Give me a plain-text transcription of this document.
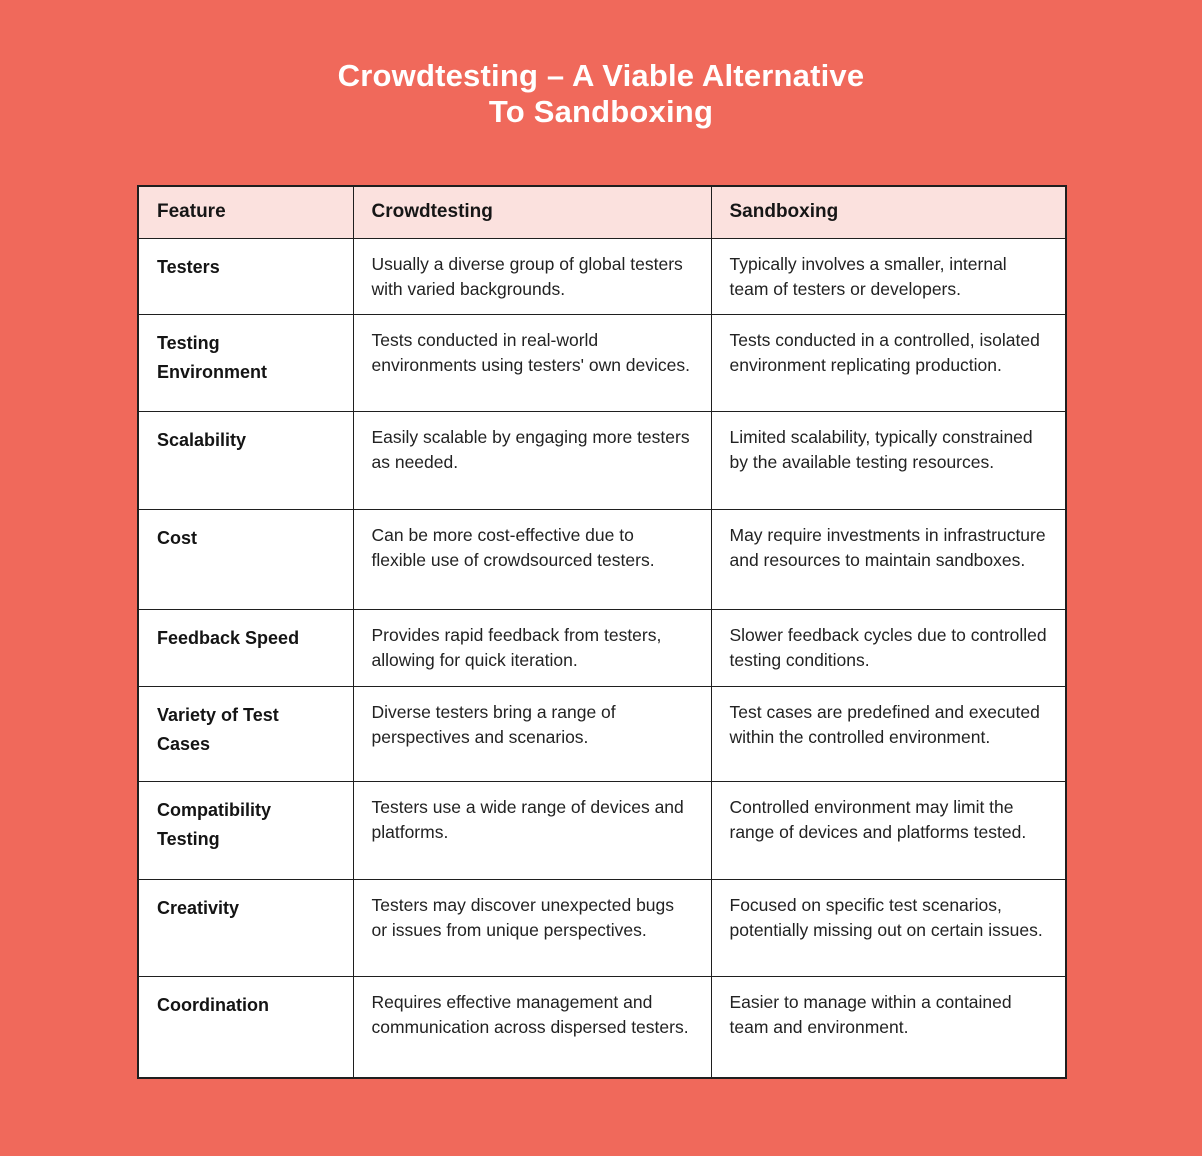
Crowdtesting – A Viable Alternative
To Sandboxing
Feature	Crowdtesting	Sandboxing
Testers	Usually a diverse group of global testers with varied backgrounds.	Typically involves a smaller, internal team of testers or developers.
Testing Environment	Tests conducted in real-world environments using testers' own devices.	Tests conducted in a controlled, isolated environment replicating production.
Scalability	Easily scalable by engaging more testers as needed.	Limited scalability, typically constrained by the available testing resources.
Cost	Can be more cost-effective due to flexible use of crowdsourced testers.	May require investments in infrastructure and resources to maintain sandboxes.
Feedback Speed	Provides rapid feedback from testers, allowing for quick iteration.	Slower feedback cycles due to controlled testing conditions.
Variety of Test Cases	Diverse testers bring a range of perspectives and scenarios.	Test cases are predefined and executed within the controlled environment.
Compatibility Testing	Testers use a wide range of devices and platforms.	Controlled environment may limit the range of devices and platforms tested.
Creativity	Testers may discover unexpected bugs or issues from unique perspectives.	Focused on specific test scenarios, potentially missing out on certain issues.
Coordination	Requires effective management and communication across dispersed testers.	Easier to manage within a contained team and environment.
